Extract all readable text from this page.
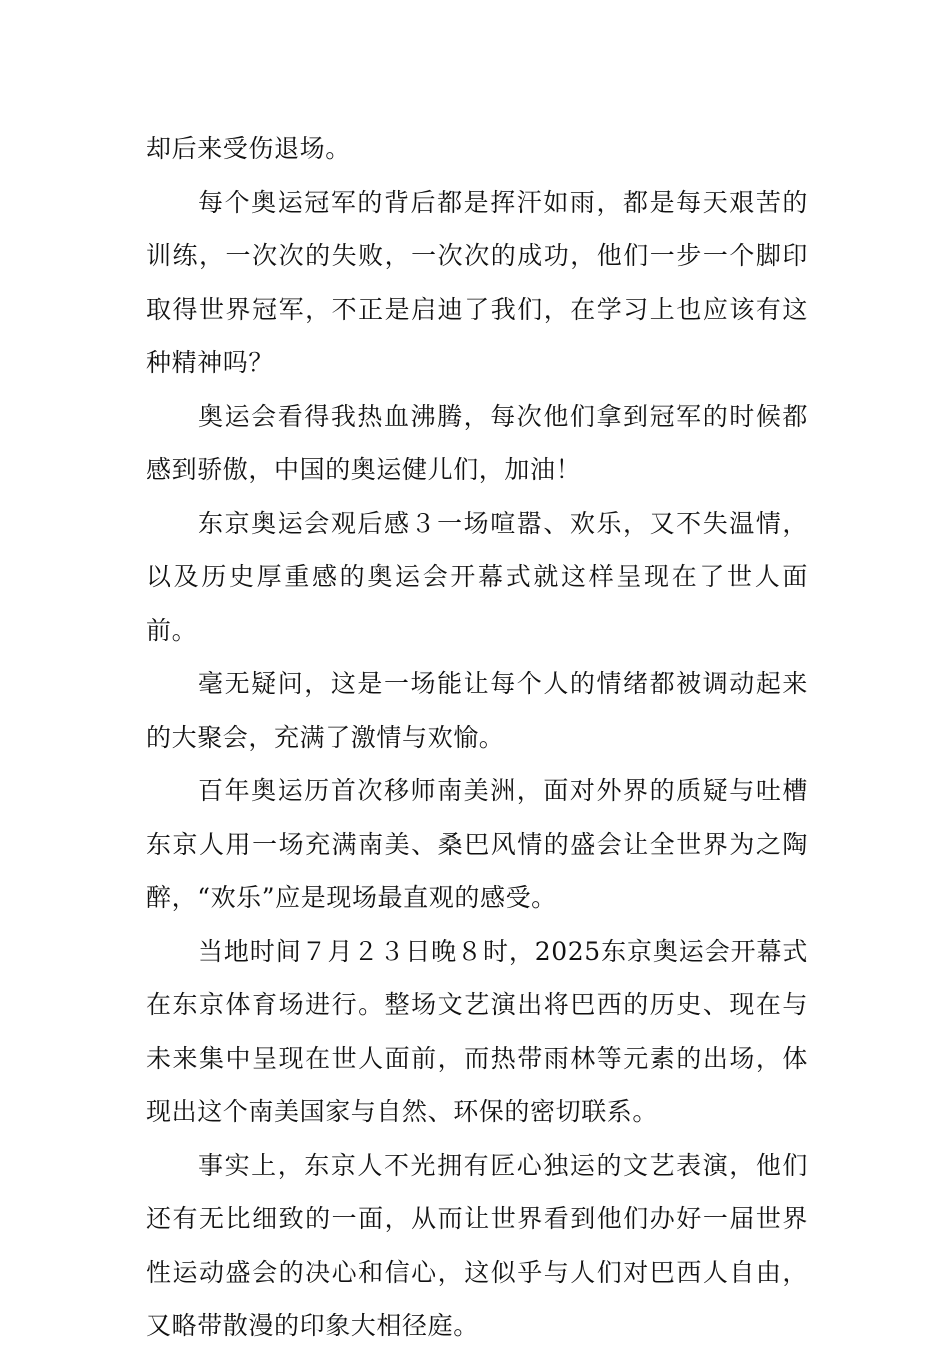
却后来受伤退场。

每个奥运冠军的背后都是挥汗如雨，都是每天艰苦的训练，一次次的失败，一次次的成功，他们一步一个脚印取得世界冠军，不正是启迪了我们，在学习上也应该有这种精神吗？

奥运会看得我热血沸腾，每次他们拿到冠军的时候都感到骄傲，中国的奥运健儿们，加油！

东京奥运会观后感３一场喧嚣、欢乐，又不失温情，以及历史厚重感的奥运会开幕式就这样呈现在了世人面前。

毫无疑问，这是一场能让每个人的情绪都被调动起来的大聚会，充满了激情与欢愉。

百年奥运历首次移师南美洲，面对外界的质疑与吐槽东京人用一场充满南美、桑巴风情的盛会让全世界为之陶醉，“欢乐”应是现场最直观的感受。

当地时间７月２３日晚８时，2025东京奥运会开幕式在东京体育场进行。整场文艺演出将巴西的历史、现在与未来集中呈现在世人面前，而热带雨林等元素的出场，体现出这个南美国家与自然、环保的密切联系。

事实上，东京人不光拥有匠心独运的文艺表演，他们还有无比细致的一面，从而让世界看到他们办好一届世界性运动盛会的决心和信心，这似乎与人们对巴西人自由，又略带散漫的印象大相径庭。
